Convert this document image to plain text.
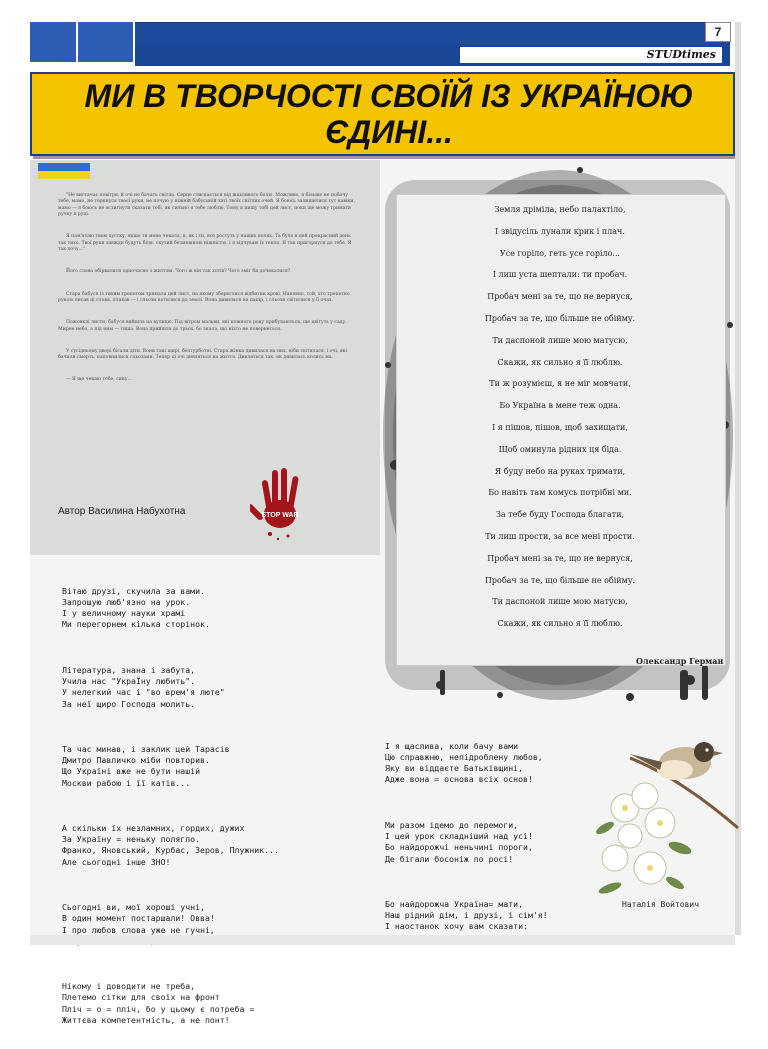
7
STUDtimes
МИ В ТВОРЧОСТІ СВОЇЙ ІЗ УКРАЇНОЮ ЄДИНІ...

"Не вистачає повітря, й очі не бачать світла. Серце стискається від жахливого болю. Можливо, я більше не побачу тебе, мамо, не торкнуся твоєї руки, не почую у ніжній бабусиній хаті твоїх світлих очей. Я боюсь залишитися тут навіки, мамо — я боюсь не встигнути сказати тобі, як сильно я тебе люблю. Тому я пишу тобі цей лист, поки ще можу тримати ручку в руці.

Я пам'ятаю твою хустку, якщо ти мене чекала, я, як і ти, все ростуть у наших полях. Та було в цей прекрасний день так тихо. Твої руки завжди будуть біля, скутий безмежною ніжністю, і я відчуваю їх тепло. Я так пригорнуся до тебе. Я так хочу..."

Його слова обірвалися одночасно з життям. Чого ж він так хотів? Чого зміг би дочекатися?

Стара бабуся із тихим трепетом тримала цей лист, на якому збереглися відбитки крові. Напевно, той, хто трепетно рукою писав ці слова, плакав — і сльози котилися до землі. Вона дивилася на папір, і сльози світилися у її очах.

Пожовклі листи, бабуся вийшла на вулицю. Під вітром мальви, які кожного року прибуваються, ще цвітуть у саду. Мирне небо, а під ним — тиша. Вона прийшла до трьох, бо знала, що ніхто не повернеться.

У сусідньому дворі бігали діти. Вони такі щирі, безтурботні. Стара жінка дивилася на них, ніби світилася, і очі, які бачили смерть, наповнилися сльозами. Тепер ці очі дивляться на життя. Дивляться так, як дивилась колись ма.

— Я ще чекаю тебе, сину...

Автор Василина Набухотна	STOP WAR
Земля дріміла, небо палахтіло,
І звідусіль лунали крик і плач.
Усе горіло, геть усе горіло...
І лиш уста шептали: ти пробач.
Пробач мені за те, що не вернуся,
Пробач за те, що більше не обійму.
Ти даспоной лише мою матусю,
Скажи, як сильно я її люблю.
Ти ж розумієш, я не міг мовчати,
Бо Україна в мене теж одна.
І я пішов, пішов, щоб захищати,
Щоб оминула рідних ця біда.
Я буду небо на руках тримати,
Бо навіть там комусь потрібні ми.
За тебе буду Господа благати,
Ти лиш прости, за все мені прости.
Пробач мені за те, що не вернуся,
Пробач за те, що більше не обійму.
Ти даспоной лише мою матусю,
Скажи, як сильно я її люблю.
Олександр Герман

Вітаю друзі, скучила за вами.
Запрошую люб'язно на урок.
І у величному науки храмі
Ми перегорнем кілька сторінок.

Література, знана і забута,
Учила нас "УкраЇну любить".
У нелегкий час і "во врем'я люте"
За неї щиро Господа молить.

Та час минав, і заклик цей Тарасів
Дмитро Павличко міби повторив.
Що Україні вже не бути нашій
Москви рабою і її катів...

А скільки їх незламних, гордих, дужих
За Україну = неньку полягло.
Франко, Яновський, Курбас, Зеров, Плужник...
Але сьогодні інше ЗНО!

Сьогодні ви, мої хороші учні,
В один момент постаршали! Овва!
І про любов слова уже не гучні,

Нікому і доводити не треба,
Плетемо сітки для своїх на фронт
Пліч = о = пліч, бо у цьому є потреба =
Життєва компетентність, а не понт!

І я щаслива, коли бачу вами
Цю справжню, непідроблену любов,
Яку ви віддаєте Батьківщині,
Адже вона = основа всіх основ!

Ми разом ідемо до перемоги,
І цей урок складніший над усі!
Бо найдорожчі неньчині пороги,
Де бігали босоніж по росі!

Бо найдорожча Україна= мати,
Наш рідний дім, і друзі, і сім'я!
І наостанок хочу вам сказати:

Наталія Войтович
